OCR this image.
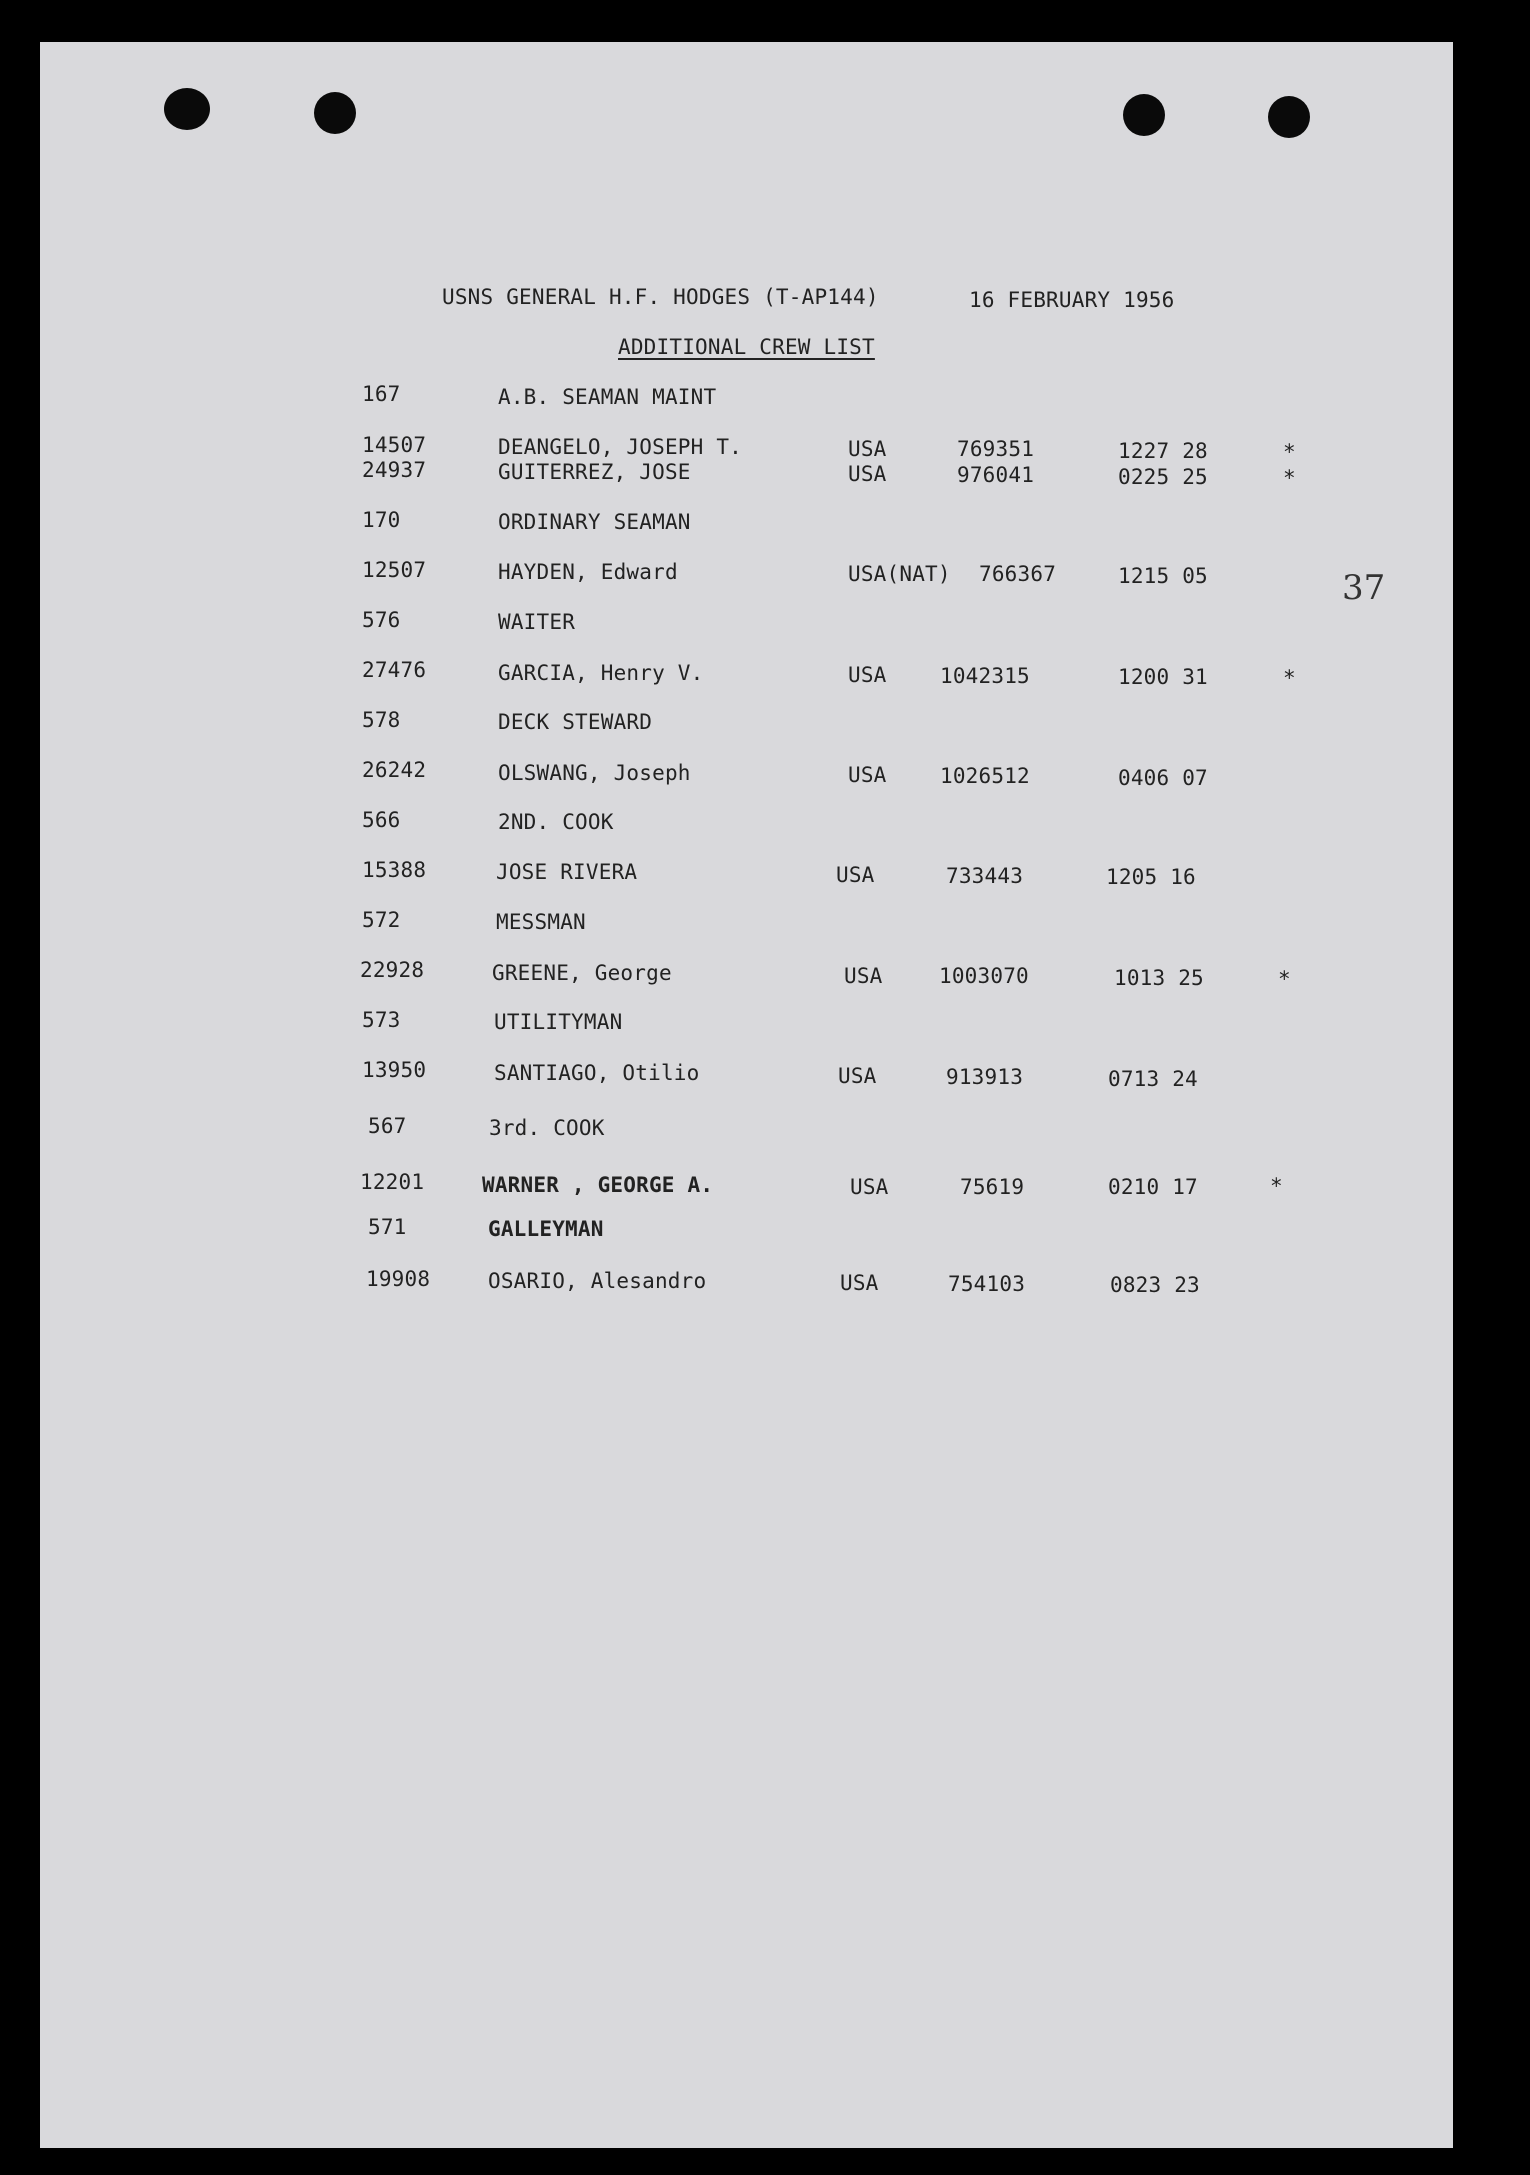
USNS GENERAL H.F. HODGES (T-AP144)	16 FEBRUARY 1956
ADDITIONAL CREW LIST
37
167	A.B. SEAMAN MAINT
14507	DEANGELO, JOSEPH T.	USA	769351	1227 28	*
24937	GUITERREZ, JOSE	USA	976041	0225 25	*
170	ORDINARY SEAMAN
12507	HAYDEN, Edward	USA(NAT) 766367	1215 05
576	WAITER
27476	GARCIA, Henry V.	USA	1042315	1200 31	*
578	DECK STEWARD
26242	OLSWANG, Joseph	USA	1026512	0406 07
566	2ND. COOK
15388	JOSE RIVERA	USA	733443	1205 16
572	MESSMAN
22928	GREENE, George	USA	1003070	1013 25	*
573	UTILITYMAN
13950	SANTIAGO, Otilio	USA	913913	0713 24
567	3rd. COOK
12201	WARNER , GEORGE A.	USA	75619	0210 17	*
571	GALLEYMAN
19908	OSARIO, Alesandro	USA	754103	0823 23
